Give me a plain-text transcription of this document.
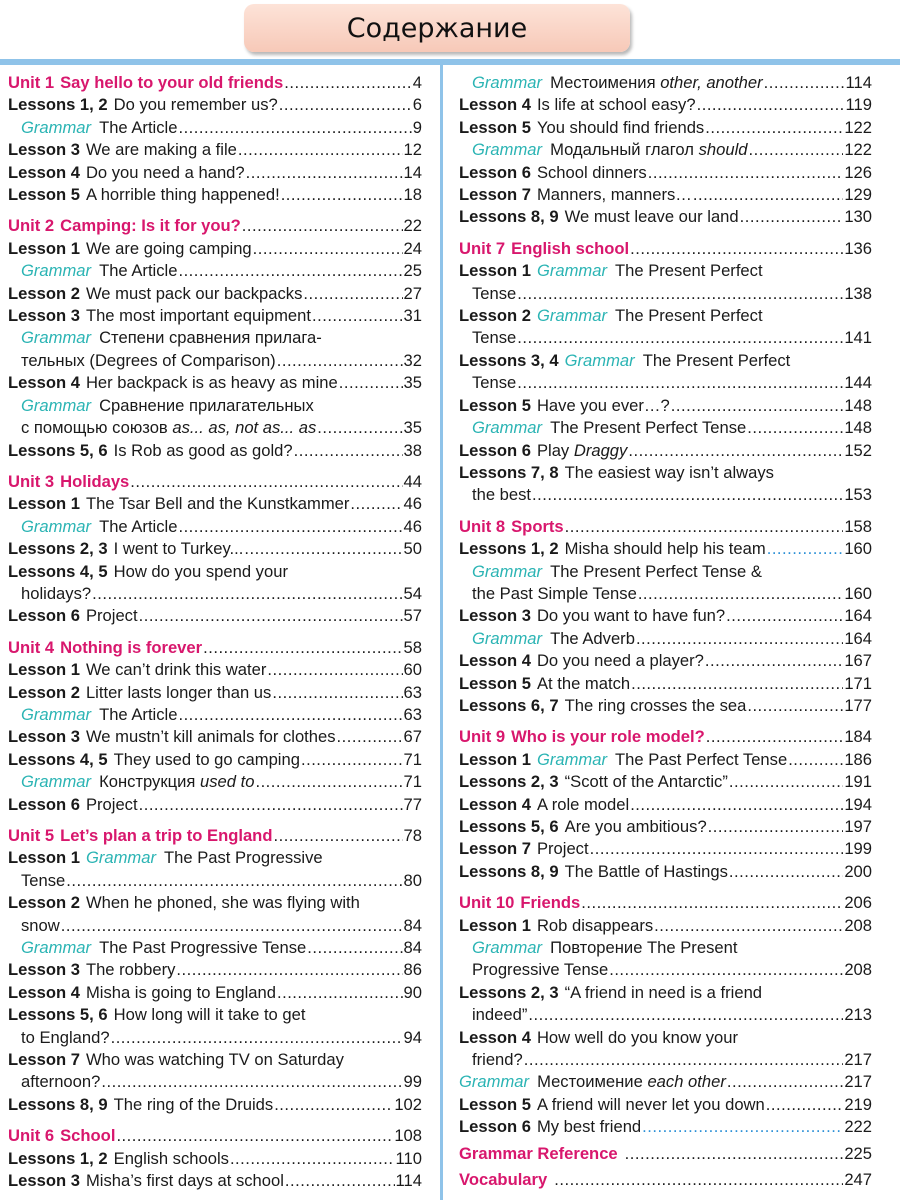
Содержание
Unit 1 Say hello to your old friends .....	4
Lessons 1, 2 Do you remember us? .....	6
Grammar The Article .....	9
Lesson 3 We are making a file .....	12
Lesson 4 Do you need a hand? .....	14
Lesson 5 A horrible thing happened! .....	18
Unit 2 Camping: Is it for you? .....	22
Lesson 1 We are going camping .....	24
Grammar The Article .....	25
Lesson 2 We must pack our backpacks .....	27
Lesson 3 The most important equipment .....	31
Grammar Степени сравнения прилага-
тельных (Degrees of Comparison) .....	32
Lesson 4 Her backpack is as heavy as mine .....	35
Grammar Сравнение прилагательных
с помощью союзов
as... as, not as... as .....	35
Lessons 5, 6 Is Rob as good as gold? .....	38
Unit 3 Holidays .....	44
Lesson 1 The Tsar Bell and the Kunstkammer .....	46
Grammar The Article .....	46
Lessons 2, 3 I went to Turkey... .....	50
Lessons 4, 5 How do you spend your
holidays? .....	54
Lesson 6 Project .....	57
Unit 4 Nothing is forever .....	58
Lesson 1 We can’t drink this water .....	60
Lesson 2 Litter lasts longer than us .....	63
Grammar The Article .....	63
Lesson 3 We mustn’t kill animals for clothes .....	67
Lessons 4, 5 They used to go camping .....	71
Grammar Конструкция
used to .....	71
Lesson 6 Project .....	77
Unit 5 Let’s plan a trip to England .....	78
Lesson 1 Grammar The Past Progressive
Tense .....	80
Lesson 2 When he phoned, she was flying with
snow .....	84
Grammar The Past Progressive Tense .....	84
Lesson 3 The robbery .....	86
Lesson 4 Misha is going to England .....	90
Lessons 5, 6 How long will it take to get
to England? .....	94
Lesson 7 Who was watching TV on Saturday
afternoon? .....	99
Lessons 8, 9 The ring of the Druids .....	102
Unit 6 School .....	108
Lessons 1, 2 English schools .....	110
Lesson 3 Misha’s first days at school .....	114
Grammar Местоимения
other, another .....	114
Lesson 4 Is life at school easy? .....	119
Lesson 5 You should find friends .....	122
Grammar Модальный глагол
should .....	122
Lesson 6 School dinners .....	126
Lesson 7 Manners, manners… .....	129
Lessons 8, 9 We must leave our land .....	130
Unit 7 English school .....	136
Lesson 1 Grammar The Present Perfect
Tense .....	138
Lesson 2 Grammar The Present Perfect
Tense .....	141
Lessons 3, 4 Grammar The Present Perfect
Tense .....	144
Lesson 5 Have you ever…? .....	148
Grammar The Present Perfect Tense .....	148
Lesson 6 Play
Draggy .....	152
Lessons 7, 8 The easiest way isn’t always
the best .....	153
Unit 8 Sports .....	158
Lessons 1, 2 Misha should help his team .....	160
Grammar The Present Perfect Tense &
the Past Simple Tense .....	160
Lesson 3 Do you want to have fun? .....	164
Grammar The Adverb .....	164
Lesson 4 Do you need a player? .....	167
Lesson 5 At the match .....	171
Lessons 6, 7 The ring crosses the sea .....	177
Unit 9 Who is your role model? .....	184
Lesson 1 Grammar The Past Perfect Tense .....	186
Lessons 2, 3 “Scott of the Antarctic” .....	191
Lesson 4 A role model .....	194
Lessons 5, 6 Are you ambitious? .....	197
Lesson 7 Project .....	199
Lessons 8, 9 The Battle of Hastings .....	200
Unit 10 Friends .....	206
Lesson 1 Rob disappears .....	208
Grammar Повторение The Present
Progressive Tense .....	208
Lessons 2, 3 “A friend in need is a friend
indeed” .....	213
Lesson 4 How well do you know your
friend? .....	217
Grammar Местоимение
each other .....	217
Lesson 5 A friend will never let you down .....	219
Lesson 6 My best friend .....	222
Grammar Reference .....	225
Vocabulary .....	247
